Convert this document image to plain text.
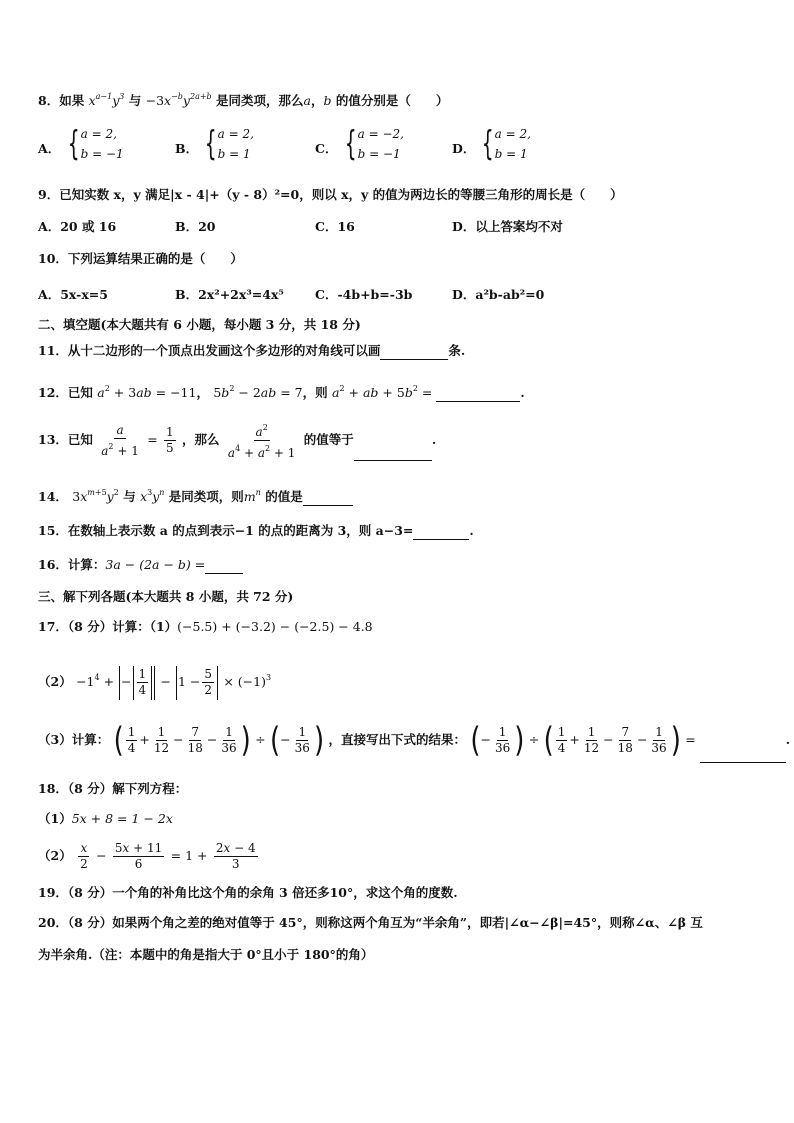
8．如果 $x^{a-1}y^3$ 与 $-3x^{-b}y^{2a+b}$ 是同类项，那么a，b 的值分别是（　　）
A． { a = 2,
b = −1	B． { a = 2,
b = 1	C． { a = −2,
b = −1	D． { a = 2,
b = 1
9．已知实数 x，y 满足|x - 4|+（y - 8）²=0，则以 x，y 的值为两边长的等腰三角形的周长是（　　）
A．20 或 16	B．20	C．16	D．以上答案均不对
10．下列运算结果正确的是（　　）
A．5x-x=5	B．2x²+2x³=4x⁵ C．-4b+b=-3b	D．a²b-ab²=0
二、填空题(本大题共有 6 小题，每小题 3 分，共 18 分)
11．从十二边形的一个顶点出发画这个多边形的对角线可以画	条.
12．已知 $a^2 + 3ab = -11$， $5b^2 - 2ab = 7$，则 $a^2$ + ab + $5b^2$ =	.
13．已知 $\frac{a}{a^2 + 1} = \frac{1}{5}$ ，那么 $\frac{a^2}{a^4 + a^2 + 1}$ 的值等于	.
14． $3x^{m+5}y^2$ 与 $x^3y^n$ 是同类项，则$m^n$ 的值是
15．在数轴上表示数 a 的点到表示−1 的点的距离为 3，则 a−3=	.
16．计算：3a − (2a − b) =
三、解下列各题(本大题共 8 小题，共 72 分)
17．（8 分）计算：（1）(−5.5) + (−3.2) − (−2.5) − 4.8
$(2) -1^4$ + − $\frac{1}{4} - 1 - \frac{5}{2} \times (-1)^3$
（3）计算： ( $\frac{1}{4} + \frac{1}{12} - \frac{7}{18} - \frac{1}{36}$ ) ÷ (− $\frac{1}{36}$ ) ，直接写出下式的结果： (− $\frac{1}{36}$ ) ÷ ( $\frac{1}{4} + \frac{1}{12} - \frac{7}{18} - \frac{1}{36}$ ) =	.
18．（8 分）解下列方程：
（1）5x + 8 = 1 − 2x
$(2) \frac{x}{2} - \frac{5x + 11}{6} = 1 + \frac{2x - 4}{3}$
19．（8 分）一个角的补角比这个角的余角 3 倍还多10°，求这个角的度数.
20．（8 分）如果两个角之差的绝对值等于 45°，则称这两个角互为“半余角”，即若|∠α−∠β|=45°，则称∠α、∠β 互
为半余角.（注：本题中的角是指大于 0°且小于 180°的角）
